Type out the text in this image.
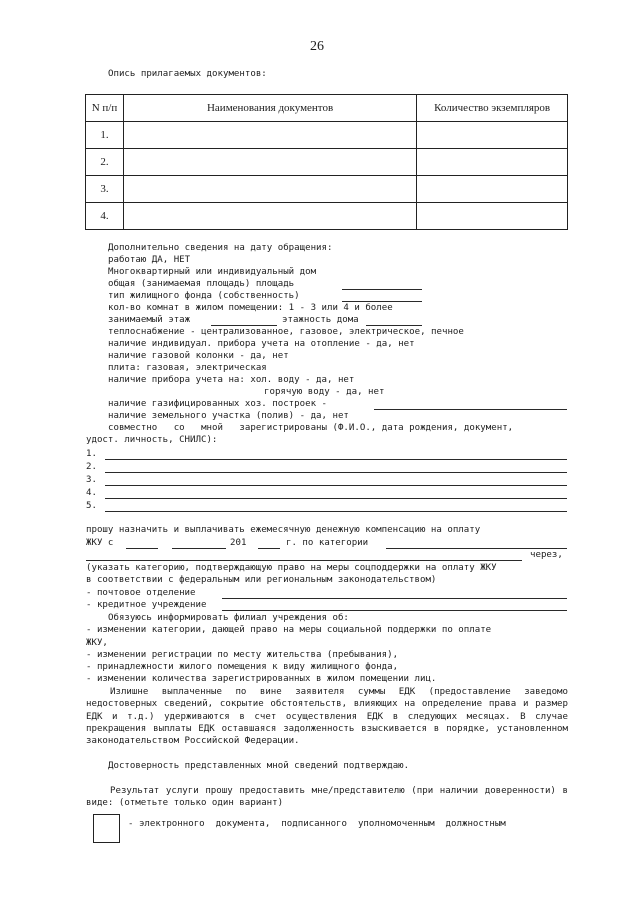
26
Опись прилагаемых документов:
N п/п	Наименования документов	Количество экземпляров
1.		
2.		
3.		
4.		
Дополнительно сведения на дату обращения:
работаю ДА, НЕТ
Многоквартирный или индивидуальный дом
общая (занимаемая площадь) площадь
тип жилищного фонда (собственность)
кол-во комнат в жилом помещении: 1 - 3 или 4 и более
занимаемый этаж	этажность дома
теплоснабжение - централизованное, газовое, электрическое, печное
наличие индивидуал. прибора учета на отопление - да, нет
наличие газовой колонки - да, нет
плита: газовая, электрическая
наличие прибора учета на: хол. воду - да, нет
горячую воду - да, нет
наличие газифицированных хоз. построек -
наличие земельного участка (полив) - да, нет
совместно   со   мной   зарегистрированы (Ф.И.О., дата рождения, документ,
удост. личность, СНИЛС):
1.
2.
3.
4.
5.
прошу назначить и выплачивать ежемесячную денежную компенсацию на оплату
ЖКУ с	201	г. по категории
через,
(указать категорию, подтверждающую право на меры соцподдержки на оплату ЖКУ
в соответствии с федеральным или региональным законодательством)
- почтовое отделение
- кредитное учреждение
Обязуюсь информировать филиал учреждения об:
- изменении категории, дающей право на меры социальной поддержки по оплате
ЖКУ,
- изменении регистрации по месту жительства (пребывания),
- принадлежности жилого помещения к виду жилищного фонда,
- изменении количества зарегистрированных в жилом помещении лиц.
Излишне выплаченные по вине заявителя суммы ЕДК (предоставление заведомо недостоверных сведений, сокрытие обстоятельств, влияющих на определение права и размер ЕДК и т.д.) удерживаются в счет осуществления ЕДК в следующих месяцах. В случае прекращения выплаты ЕДК оставшаяся задолженность взыскивается в порядке, установленном законодательством Российской Федерации.
Достоверность представленных мной сведений подтверждаю.
Результат услуги прошу предоставить мне/представителю (при наличии доверенности) в виде: (отметьте только один вариант)
- электронного  документа,  подписанного  уполномоченным  должностным
